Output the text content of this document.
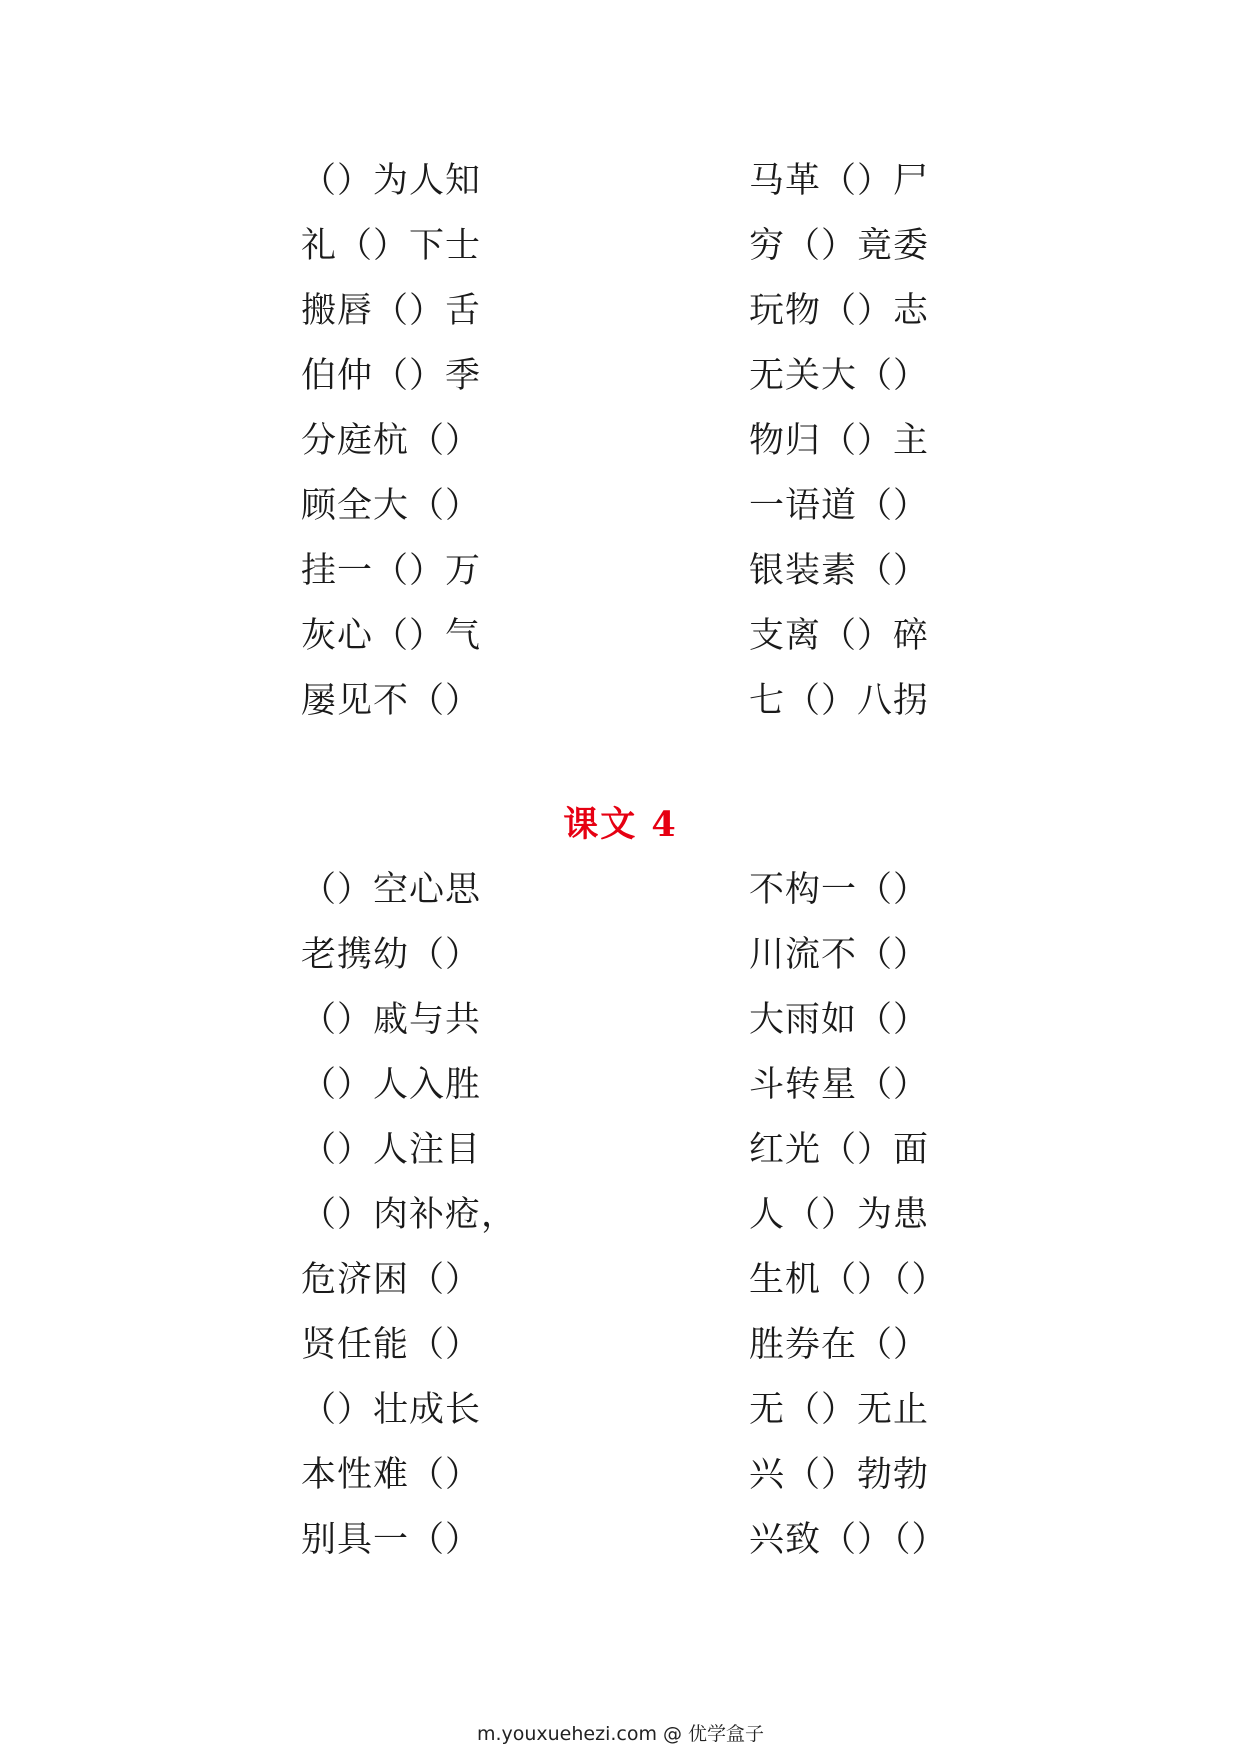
（）为人知
礼（）下士
搬唇（）舌
伯仲（）季
分庭杭（）
顾全大（）
挂一（）万
灰心（）气
屡见不（）
马革（）尸
穷（）竟委
玩物（）志
无关大（）
物归（）主
一语道（）
银装素（）
支离（）碎
七（）八拐
课文 4
（）空心思
老携幼（）
（）戚与共
（）人入胜
（）人注目
（）肉补疮，
危济困（）
贤任能（）
（）壮成长
本性难（）
别具一（）
不构一（）
川流不（）
大雨如（）
斗转星（）
红光（）面
人（）为患
生机（）（）
胜券在（）
无（）无止
兴（）勃勃
兴致（）（）
m.youxuehezi.com @ 优学盒子
